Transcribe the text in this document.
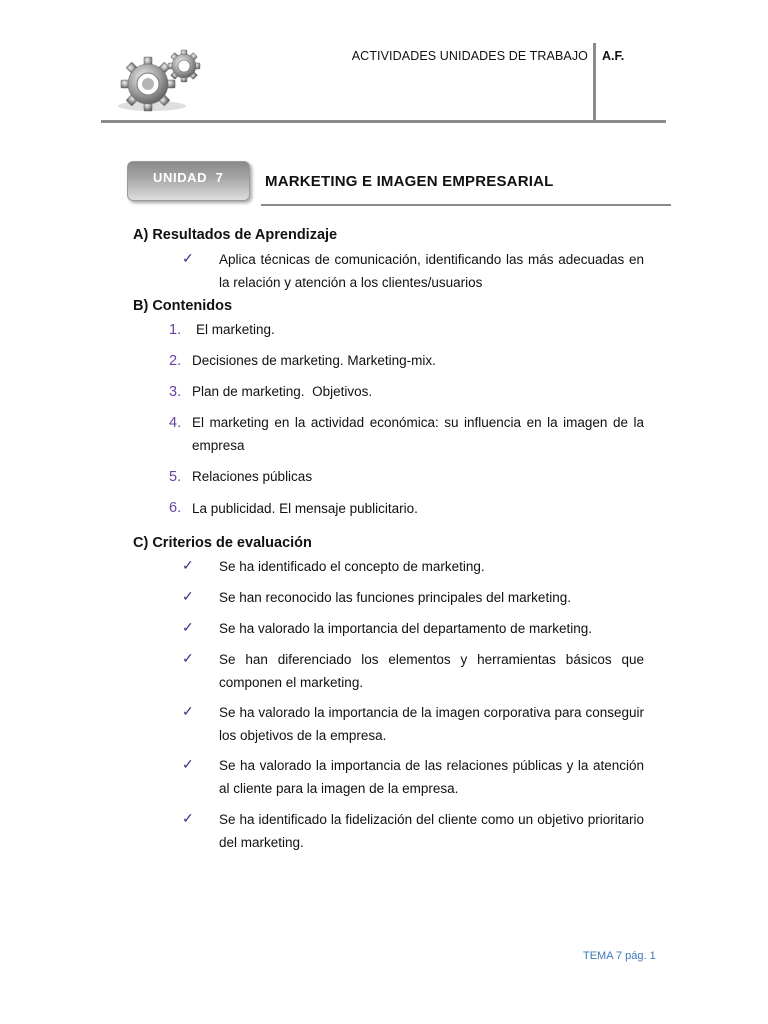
ACTIVIDADES UNIDADES DE TRABAJO A.F.
UNIDAD  7	MARKETING E IMAGEN EMPRESARIAL
A) Resultados de Aprendizaje
✓ Aplica técnicas de comunicación, identificando las más adecuadas en la relación y atención a los clientes/usuarios
B) Contenidos
1. El marketing.
2. Decisiones de marketing. Marketing-mix.
3. Plan de marketing.  Objetivos.
4. El marketing en la actividad económica: su influencia en la imagen de la empresa
5. Relaciones públicas
6. La publicidad. El mensaje publicitario.
C) Criterios de evaluación
✓ Se ha identificado el concepto de marketing.
✓ Se han reconocido las funciones principales del marketing.
✓ Se ha valorado la importancia del departamento de marketing.
✓ Se han diferenciado los elementos y herramientas básicos que componen el marketing.
✓ Se ha valorado la importancia de la imagen corporativa para conseguir los objetivos de la empresa.
✓ Se ha valorado la importancia de las relaciones públicas y la atención al cliente para la imagen de la empresa.
✓ Se ha identificado la fidelización del cliente como un objetivo prioritario del marketing.
TEMA 7 pág. 1
